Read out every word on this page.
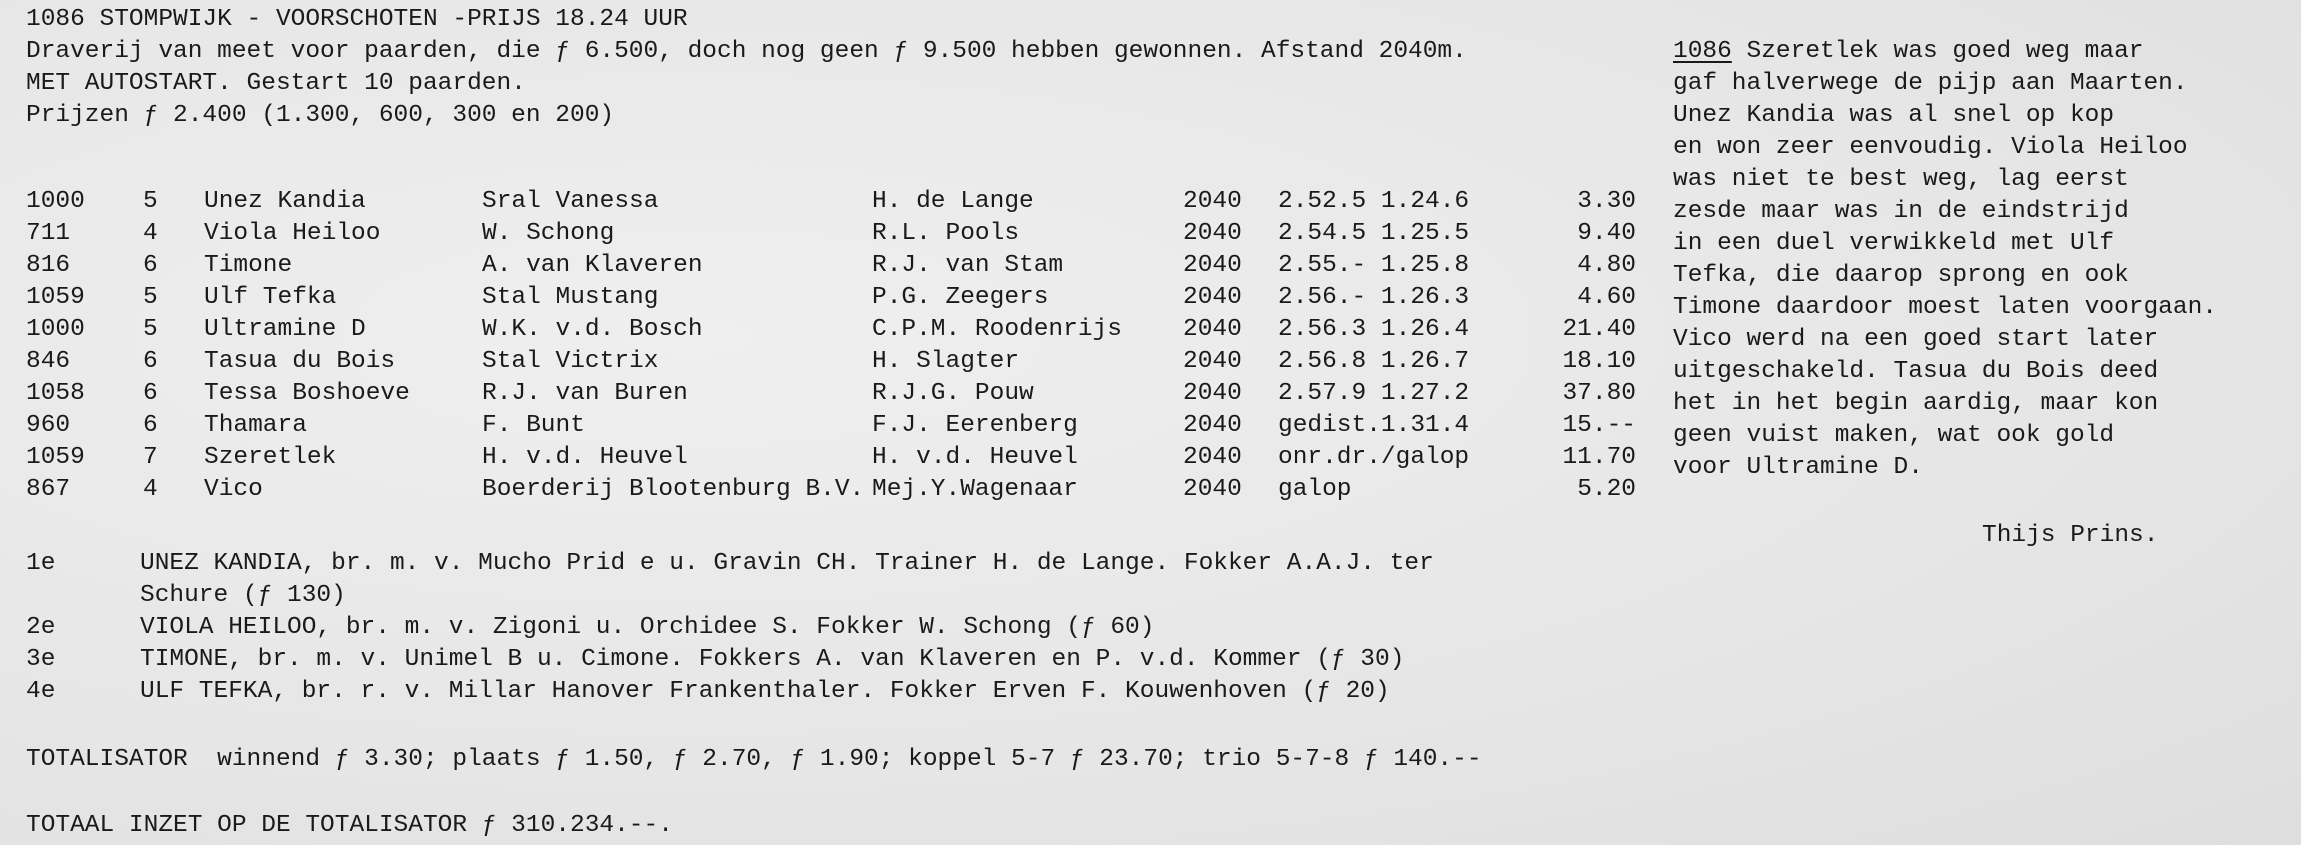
1086 STOMPWIJK - VOORSCHOTEN -PRIJS 18.24 UUR
Draverij van meet voor paarden, die ƒ 6.500, doch nog geen ƒ 9.500 hebben gewonnen. Afstand 2040m.
MET AUTOSTART. Gestart 10 paarden.
Prijzen ƒ 2.400 (1.300, 600, 300 en 200)
1000 5 Unez Kandia	Sral Vanessa	H. de Lange	2040 2.52.5 1.24.6	3.30
711	4 Viola Heiloo	W. Schong	R.L. Pools	2040 2.54.5 1.25.5	9.40
816	6 Timone	A. van Klaveren	R.J. van Stam	2040 2.55.- 1.25.8	4.80
1059 5 Ulf Tefka	Stal Mustang	P.G. Zeegers	2040 2.56.- 1.26.3	4.60
1000 5 Ultramine D	W.K. v.d. Bosch	C.P.M. Roodenrijs 2040 2.56.3 1.26.4	21.40
846	6 Tasua du Bois	Stal Victrix	H. Slagter	2040 2.56.8 1.26.7	18.10
1058 6 Tessa Boshoeve	R.J. van Buren	R.J.G. Pouw	2040 2.57.9 1.27.2	37.80
960	6 Thamara	F. Bunt	F.J. Eerenberg	2040 gedist.1.31.4	15.--
1059 7 Szeretlek	H. v.d. Heuvel	H. v.d. Heuvel	2040 onr.dr./galop	11.70
867	4 Vico	Boerderij Blootenburg B.V. Mej.Y.Wagenaar	2040 galop	5.20
1e	UNEZ KANDIA, br. m. v. Mucho Prid e u. Gravin CH. Trainer H. de Lange. Fokker A.A.J. ter
Schure (ƒ 130)
2e	VIOLA HEILOO, br. m. v. Zigoni u. Orchidee S. Fokker W. Schong (ƒ 60)
3e	TIMONE, br. m. v. Unimel B u. Cimone. Fokkers A. van Klaveren en P. v.d. Kommer (ƒ 30)
4e	ULF TEFKA, br. r. v. Millar Hanover Frankenthaler. Fokker Erven F. Kouwenhoven (ƒ 20)
TOTALISATOR  winnend ƒ 3.30; plaats ƒ 1.50, ƒ 2.70, ƒ 1.90; koppel 5-7 ƒ 23.70; trio 5-7-8 ƒ 140.--
TOTAAL INZET OP DE TOTALISATOR ƒ 310.234.--.
1086 Szeretlek was goed weg maar
gaf halverwege de pijp aan Maarten.
Unez Kandia was al snel op kop
en won zeer eenvoudig. Viola Heiloo
was niet te best weg, lag eerst
zesde maar was in de eindstrijd
in een duel verwikkeld met Ulf
Tefka, die daarop sprong en ook
Timone daardoor moest laten voorgaan.
Vico werd na een goed start later
uitgeschakeld. Tasua du Bois deed
het in het begin aardig, maar kon
geen vuist maken, wat ook gold
voor Ultramine D.
Thijs Prins.
